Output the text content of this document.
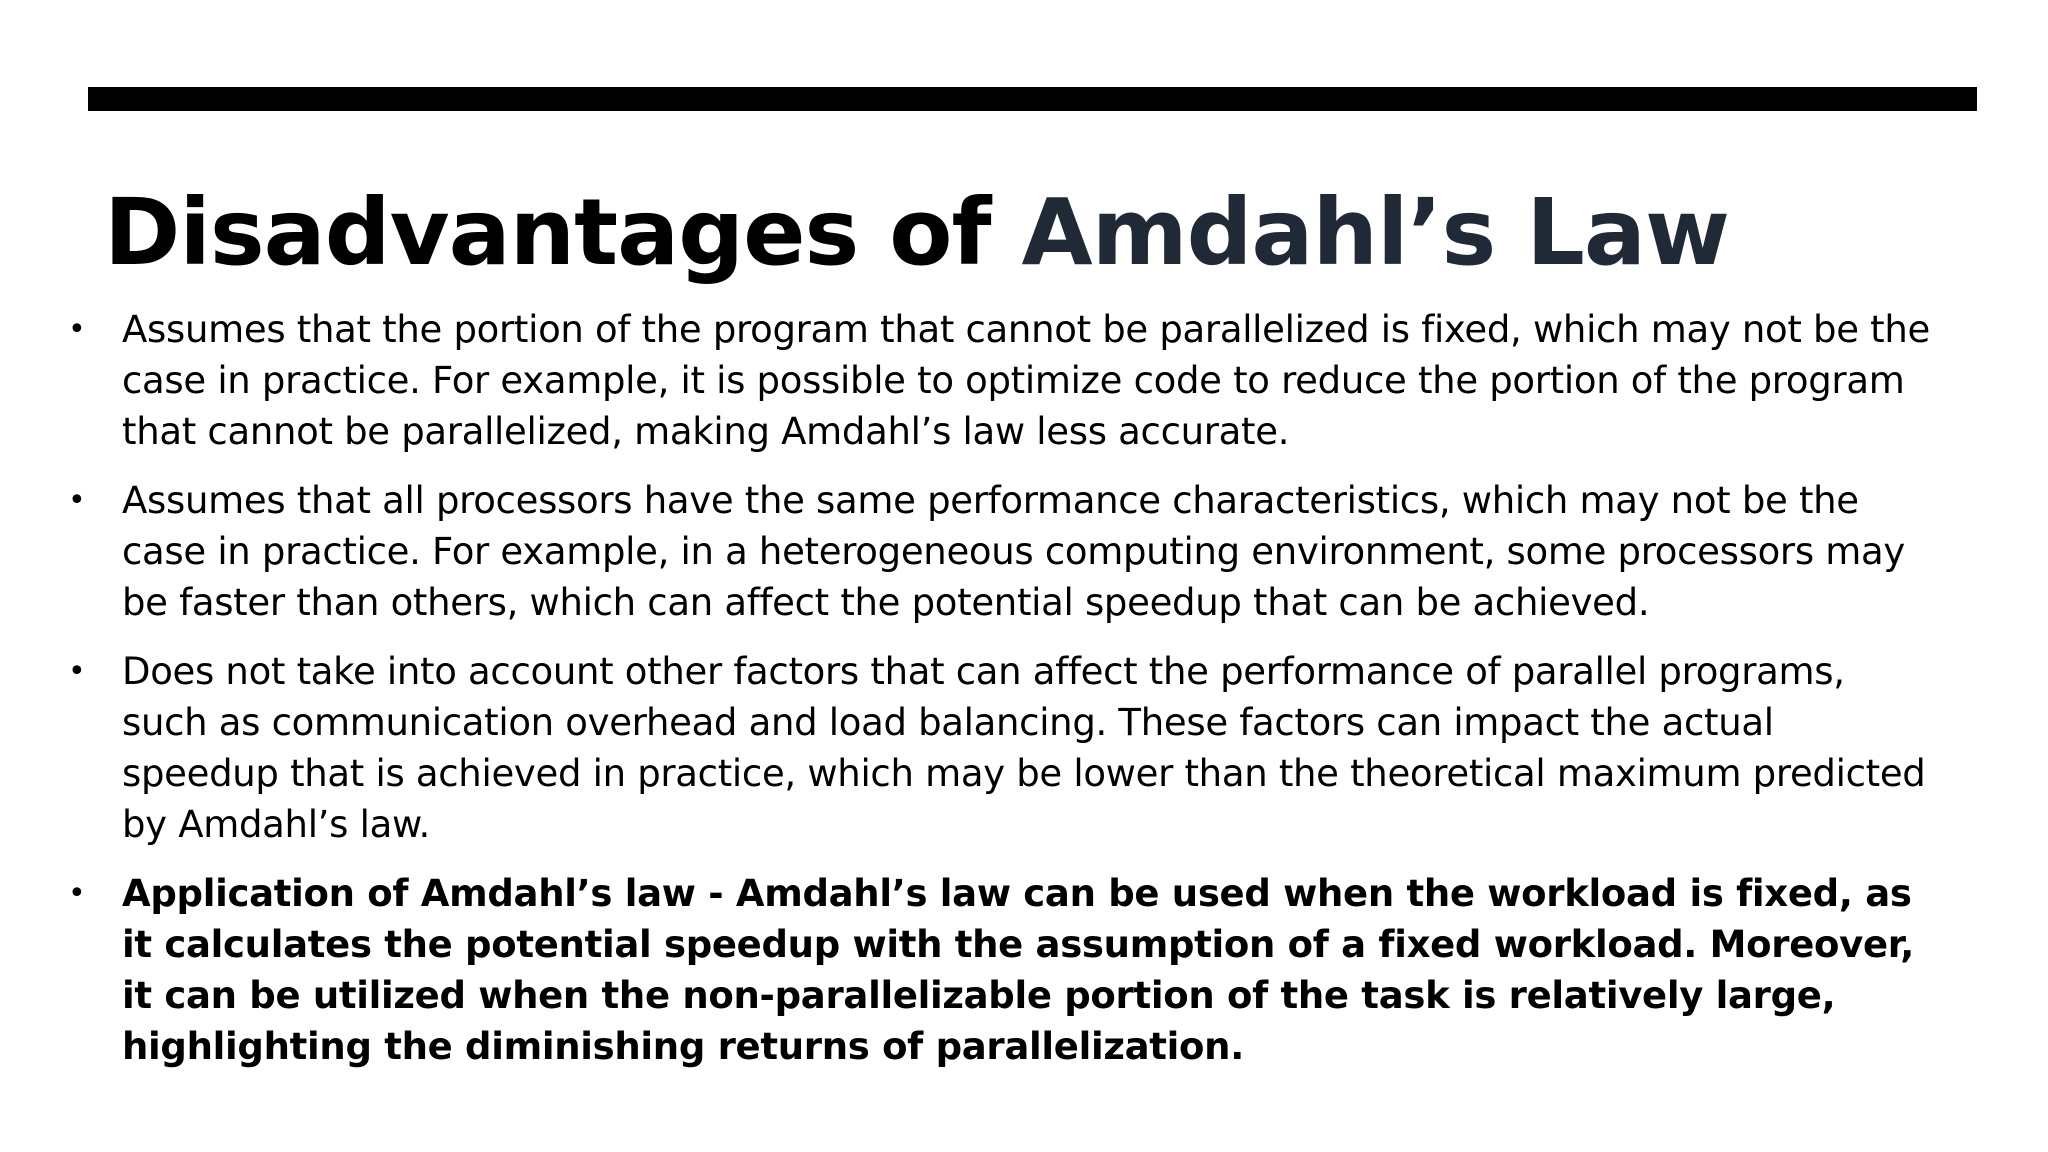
Disadvantages of Amdahl’s Law
• Assumes that the portion of the program that cannot be parallelized is fixed, which may not be the case in practice. For example, it is possible to optimize code to reduce the portion of the program that cannot be parallelized, making Amdahl’s law less accurate.
• Assumes that all processors have the same performance characteristics, which may not be the case in practice. For example, in a heterogeneous computing environment, some processors may be faster than others, which can affect the potential speedup that can be achieved.
• Does not take into account other factors that can affect the performance of parallel programs, such as communication overhead and load balancing. These factors can impact the actual speedup that is achieved in practice, which may be lower than the theoretical maximum predicted by Amdahl’s law.
• Application of Amdahl’s law - Amdahl’s law can be used when the workload is fixed, as it calculates the potential speedup with the assumption of a fixed workload. Moreover, it can be utilized when the non-parallelizable portion of the task is relatively large, highlighting the diminishing returns of parallelization.
